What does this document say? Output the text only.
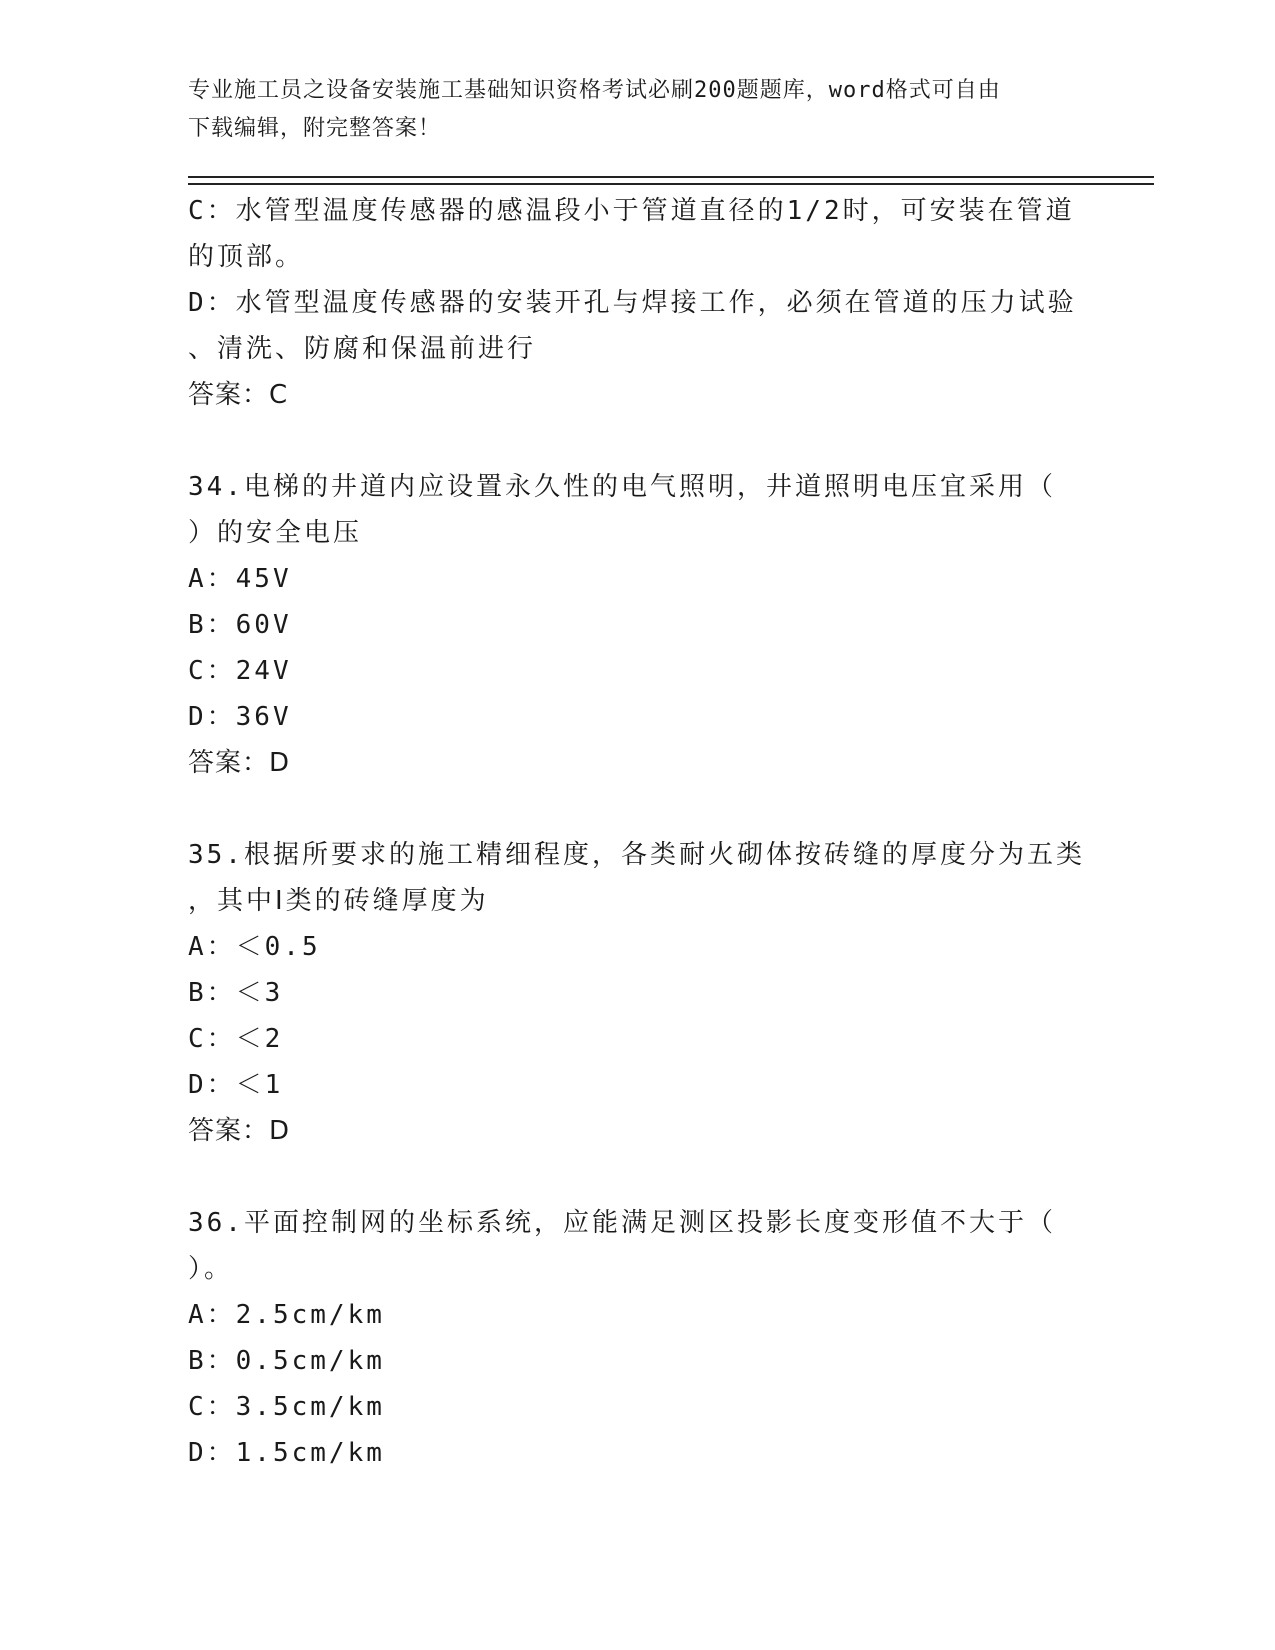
专业施工员之设备安装施工基础知识资格考试必刷200题题库，word格式可自由
下载编辑，附完整答案！
C：水管型温度传感器的感温段小于管道直径的1/2时，可安装在管道
的顶部。
D：水管型温度传感器的安装开孔与焊接工作，必须在管道的压力试验
、清洗、防腐和保温前进行
答案：C
34.电梯的井道内应设置永久性的电气照明，井道照明电压宜采用（
）的安全电压
A：45V
B：60V
C：24V
D：36V
答案：D
35.根据所要求的施工精细程度，各类耐火砌体按砖缝的厚度分为五类
，其中Ⅰ类的砖缝厚度为
A：＜0.5
B：＜3
C：＜2
D：＜1
答案：D
36.平面控制网的坐标系统，应能满足测区投影长度变形值不大于（
）。
A：2.5cm/km
B：0.5cm/km
C：3.5cm/km
D：1.5cm/km
